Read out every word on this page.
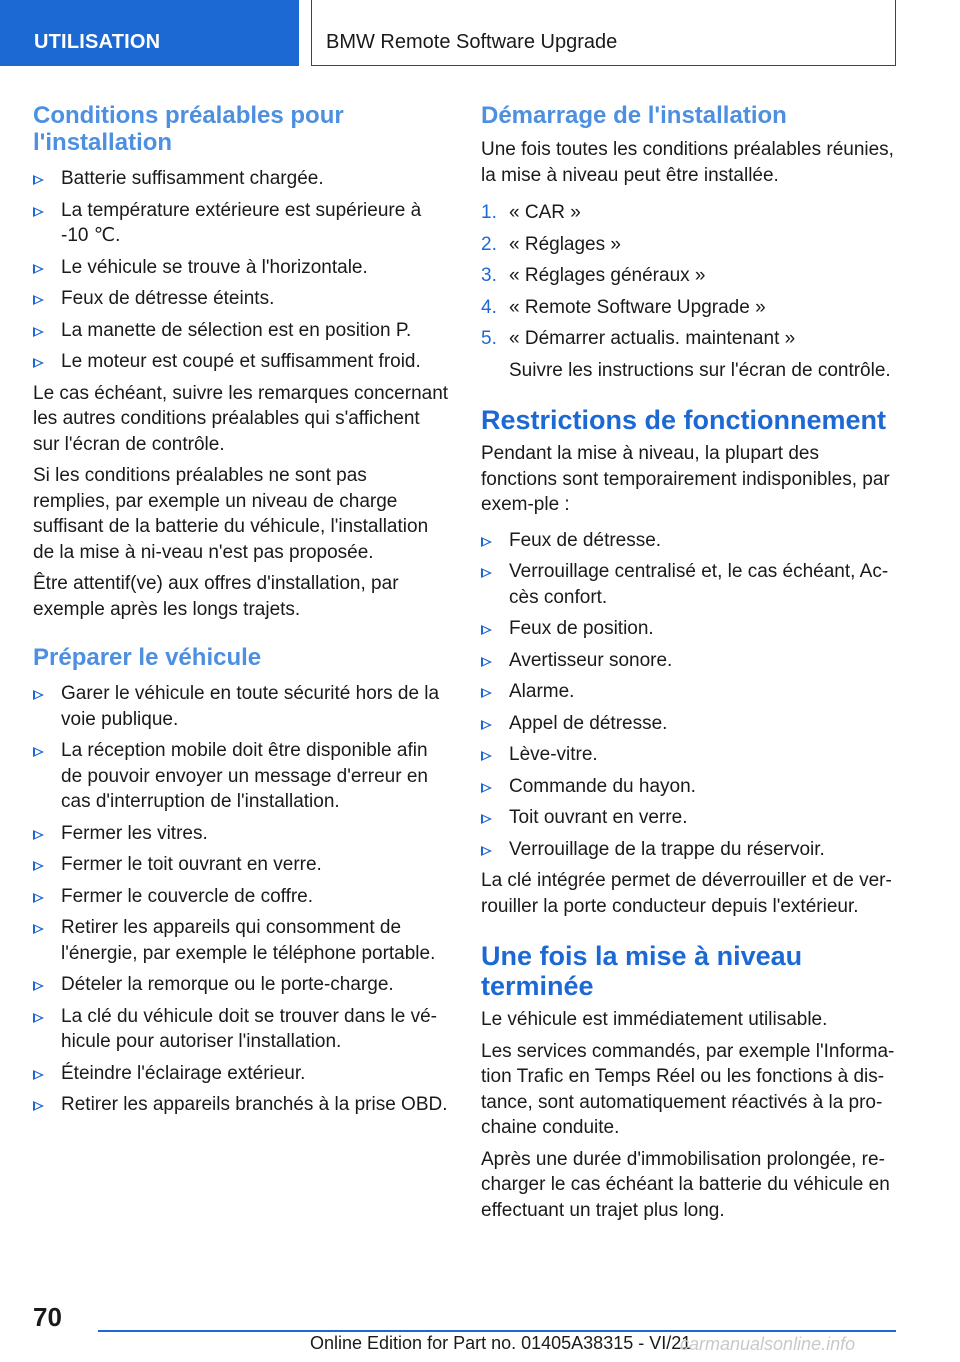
UTILISATION	BMW Remote Software Upgrade
Conditions préalables pour l'installation
Batterie suffisamment chargée.
La température extérieure est supérieure à -10 ℃.
Le véhicule se trouve à l'horizontale.
Feux de détresse éteints.
La manette de sélection est en position P.
Le moteur est coupé et suffisamment froid.

Le cas échéant, suivre les remarques concernant les autres conditions préalables qui s'affichent sur l'écran de contrôle.

Si les conditions préalables ne sont pas remplies, par exemple un niveau de charge suffisant de la batterie du véhicule, l'installation de la mise à ni-veau n'est pas proposée.

Être attentif(ve) aux offres d'installation, par exemple après les longs trajets.

Préparer le véhicule
Garer le véhicule en toute sécurité hors de la voie publique.
La réception mobile doit être disponible afin de pouvoir envoyer un message d'erreur en cas d'interruption de l'installation.
Fermer les vitres.
Fermer le toit ouvrant en verre.
Fermer le couvercle de coffre.
Retirer les appareils qui consomment de l'énergie, par exemple le téléphone portable.
Dételer la remorque ou le porte-charge.
La clé du véhicule doit se trouver dans le vé-hicule pour autoriser l'installation.
Éteindre l'éclairage extérieur.
Retirer les appareils branchés à la prise OBD.
Démarrage de l'installation

Une fois toutes les conditions préalables réunies, la mise à niveau peut être installée.

1. « CAR »
2. « Réglages »
3. « Réglages généraux »
4. « Remote Software Upgrade »
5. « Démarrer actualis. maintenant »
Suivre les instructions sur l'écran de contrôle.
Restrictions de fonctionnement

Pendant la mise à niveau, la plupart des fonctions sont temporairement indisponibles, par exem-ple :

Feux de détresse.
Verrouillage centralisé et, le cas échéant, Ac-cès confort.
Feux de position.
Avertisseur sonore.
Alarme.
Appel de détresse.
Lève-vitre.
Commande du hayon.
Toit ouvrant en verre.
Verrouillage de la trappe du réservoir.

La clé intégrée permet de déverrouiller et de ver-rouiller la porte conducteur depuis l'extérieur.

Une fois la mise à niveau terminée

Le véhicule est immédiatement utilisable.

Les services commandés, par exemple l'Informa-tion Trafic en Temps Réel ou les fonctions à dis-tance, sont automatiquement réactivés à la pro-chaine conduite.

Après une durée d'immobilisation prolongée, re-charger le cas échéant la batterie du véhicule en effectuant un trajet plus long.

70
Online Edition for Part no. 01405A38315 - VI/21
carmanualsonline.info
